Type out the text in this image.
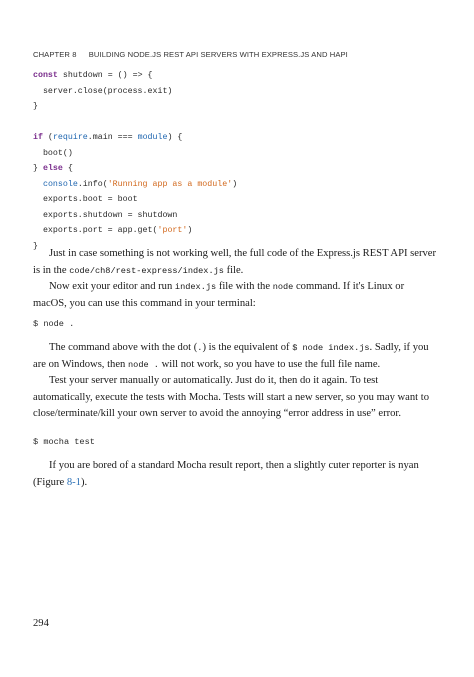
CHAPTER 8 BUILDING NODE.JS REST API SERVERS WITH EXPRESS.JS AND HAPI
const shutdown = () => {
server.close(process.exit)
}

if (require.main === module) {
boot()
} else {
console.info('Running app as a module')
exports.boot = boot
exports.shutdown = shutdown
exports.port = app.get('port')
}

Just in case something is not working well, the full code of the Express.js REST API server is in the code/ch8/rest-express/index.js file.

Now exit your editor and run index.js file with the node command. If it's Linux or macOS, you can use this command in your terminal:

$ node .

The command above with the dot (.) is the equivalent of $ node index.js. Sadly, if you are on Windows, then node . will not work, so you have to use the full file name.

Test your server manually or automatically. Just do it, then do it again. To test automatically, execute the tests with Mocha. Tests will start a new server, so you may want to close/terminate/kill your own server to avoid the annoying “error address in use” error.

$ mocha test

If you are bored of a standard Mocha result report, then a slightly cuter reporter is nyan (Figure 8-1).

294
